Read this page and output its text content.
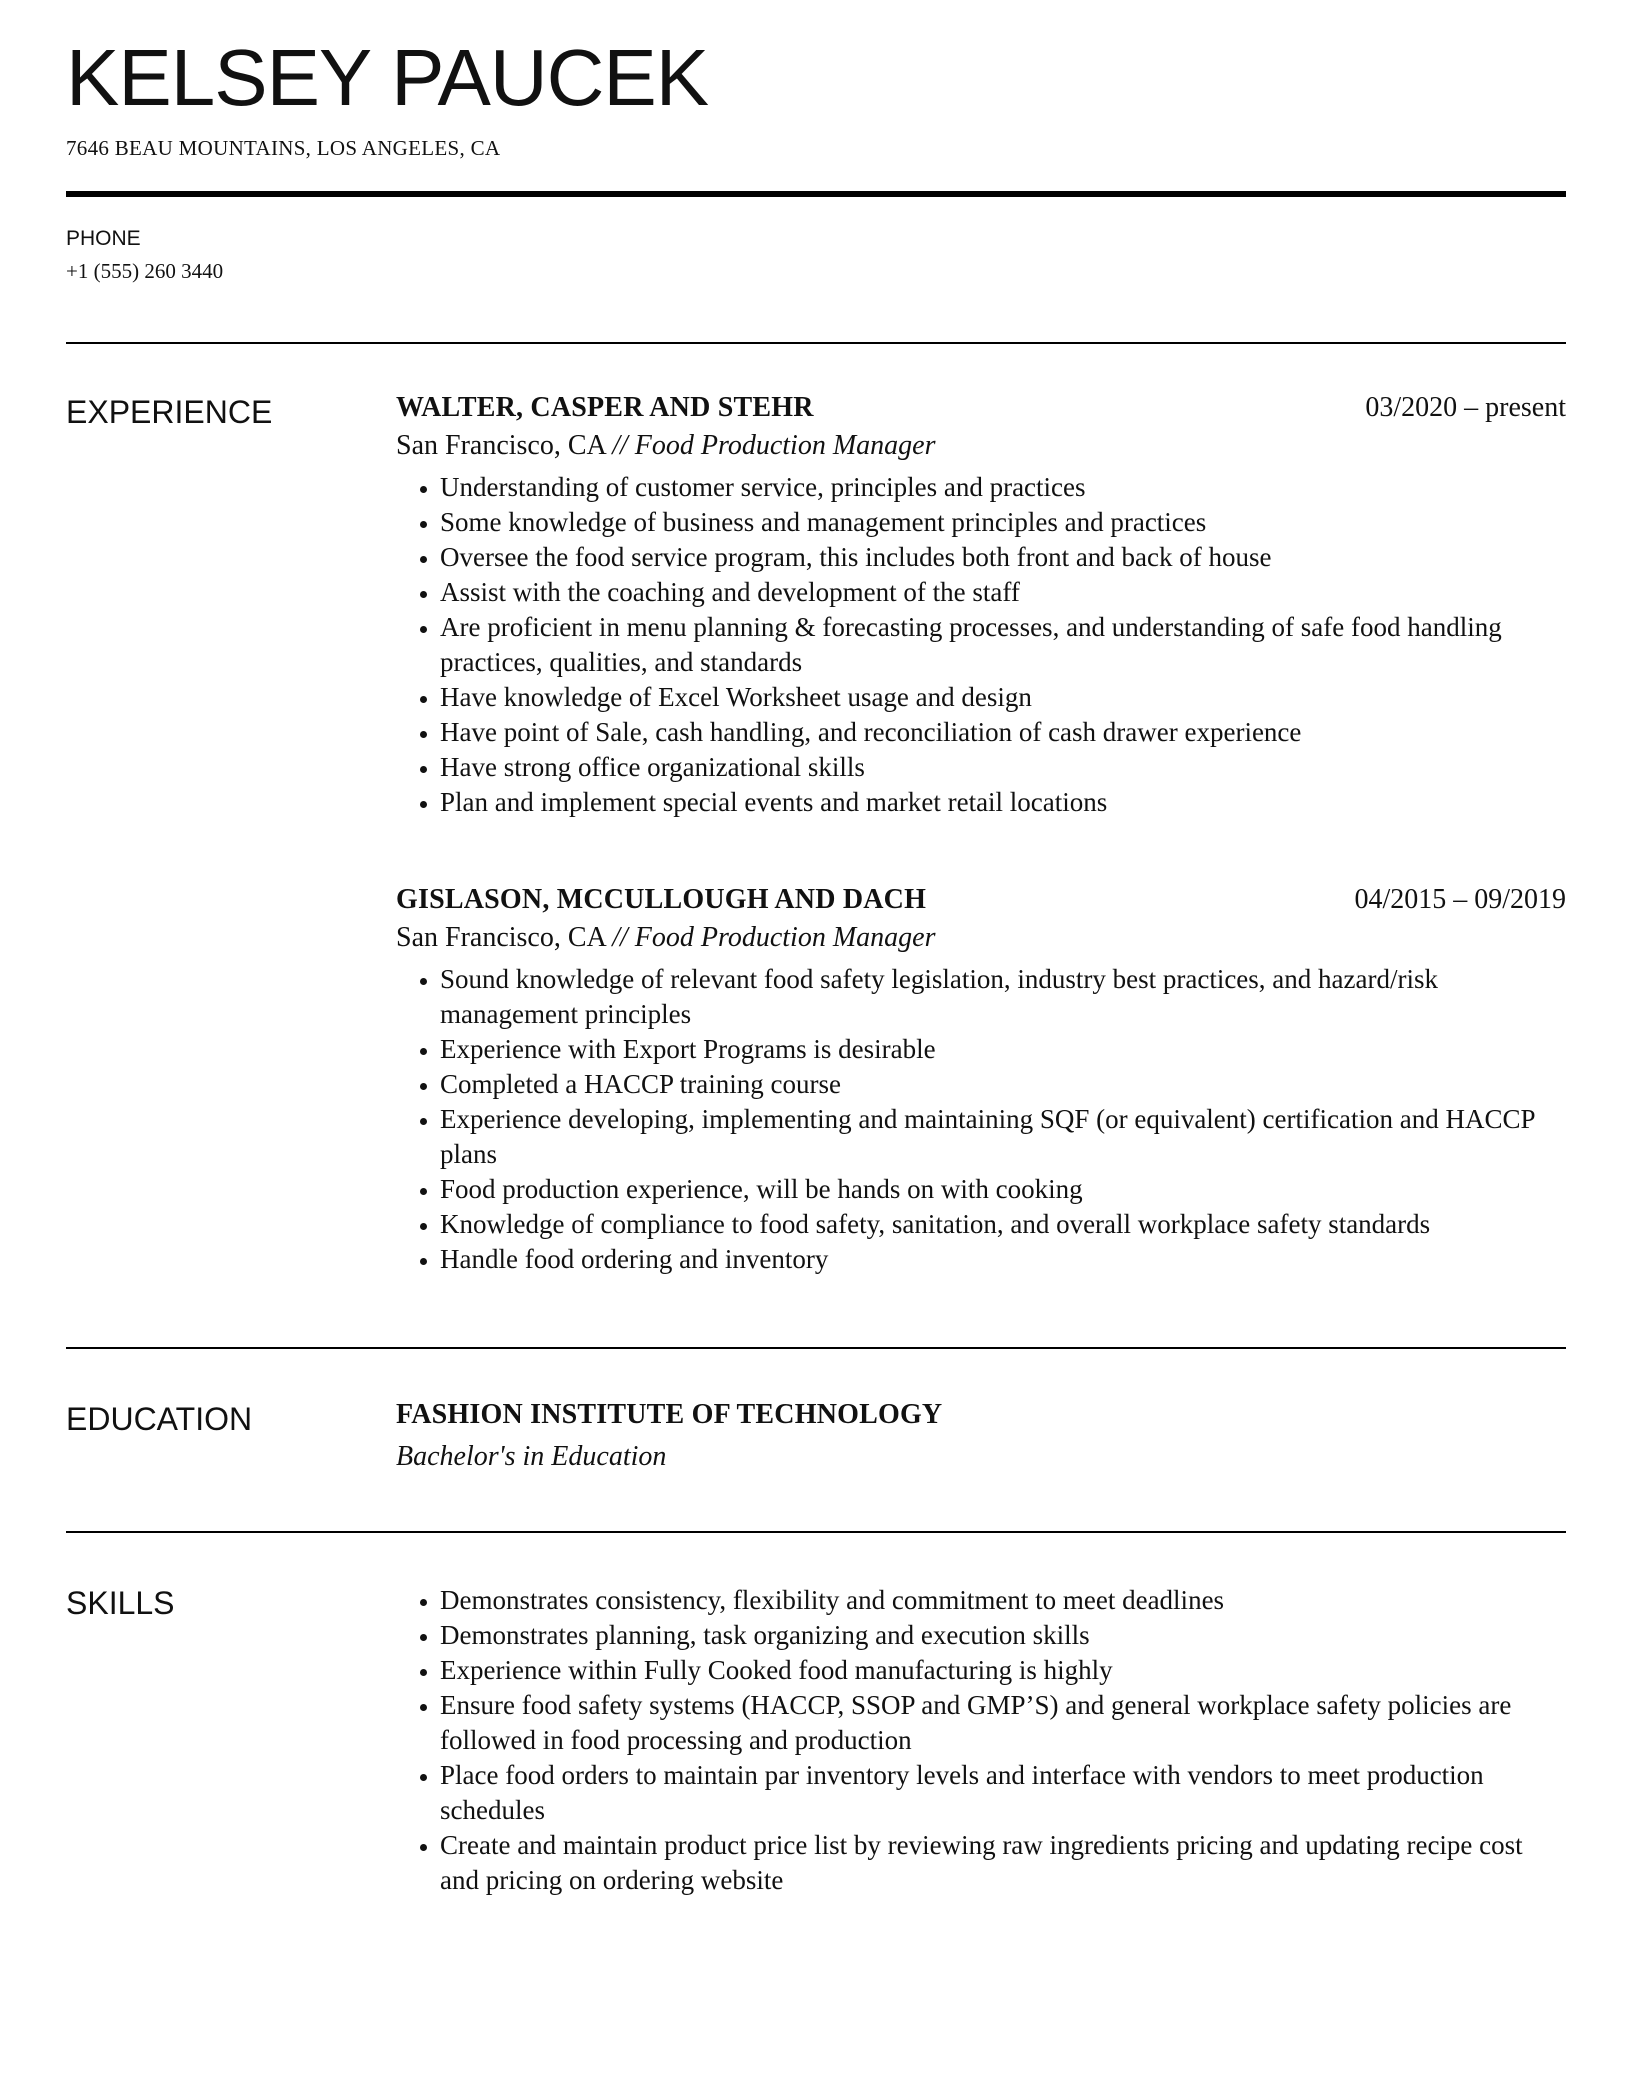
KELSEY PAUCEK
7646 BEAU MOUNTAINS, LOS ANGELES, CA
PHONE
+1 (555) 260 3440
EXPERIENCE	WALTER, CASPER AND STEHR	03/2020 – present
San Francisco, CA // Food Production Manager
• Understanding of customer service, principles and practices
• Some knowledge of business and management principles and practices
• Oversee the food service program, this includes both front and back of house
• Assist with the coaching and development of the staff
• Are proficient in menu planning & forecasting processes, and understanding of safe food handling practices, qualities, and standards
• Have knowledge of Excel Worksheet usage and design
• Have point of Sale, cash handling, and reconciliation of cash drawer experience
• Have strong office organizational skills
• Plan and implement special events and market retail locations
GISLASON, MCCULLOUGH AND DACH	04/2015 – 09/2019
San Francisco, CA // Food Production Manager
• Sound knowledge of relevant food safety legislation, industry best practices, and hazard/risk management principles
• Experience with Export Programs is desirable
• Completed a HACCP training course
• Experience developing, implementing and maintaining SQF (or equivalent) certification and HACCP plans
• Food production experience, will be hands on with cooking
• Knowledge of compliance to food safety, sanitation, and overall workplace safety standards
• Handle food ordering and inventory
EDUCATION	FASHION INSTITUTE OF TECHNOLOGY
Bachelor's in Education
SKILLS
•	Demonstrates consistency, flexibility and commitment to meet deadlines
• Demonstrates planning, task organizing and execution skills
• Experience within Fully Cooked food manufacturing is highly
• Ensure food safety systems (HACCP, SSOP and GMP’S) and general workplace safety policies are followed in food processing and production
• Place food orders to maintain par inventory levels and interface with vendors to meet production schedules
• Create and maintain product price list by reviewing raw ingredients pricing and updating recipe cost and pricing on ordering website
